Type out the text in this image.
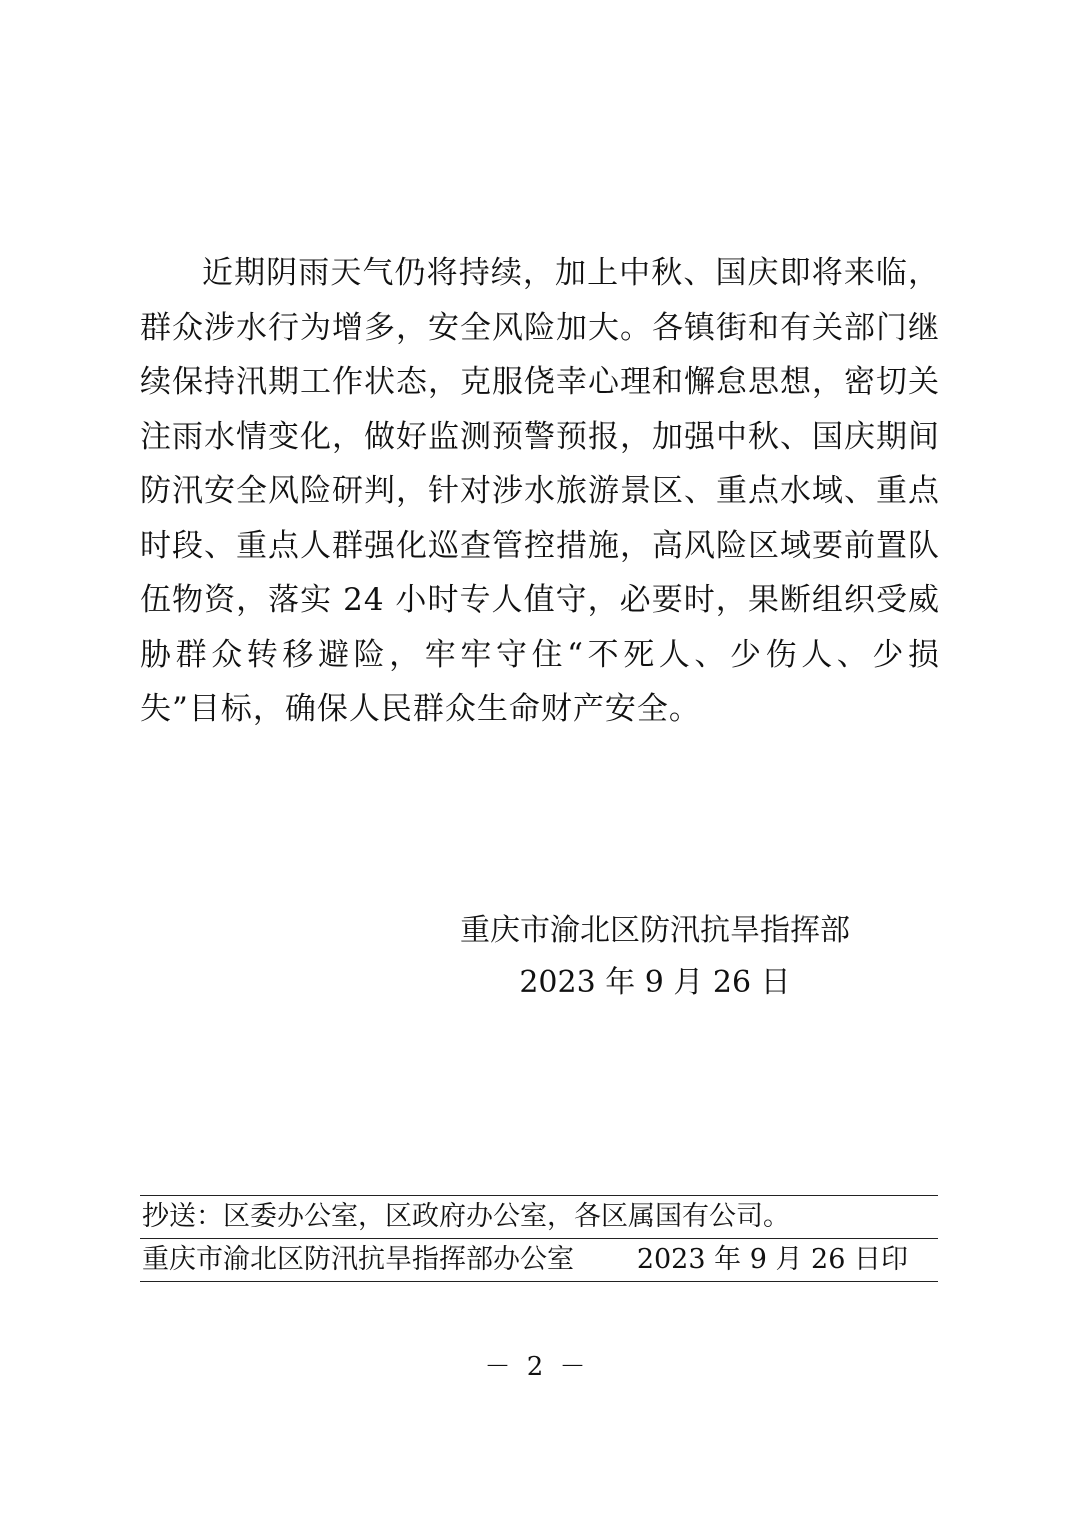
近期阴雨天气仍将持续，加上中秋、国庆即将来临，群众涉水行为增多，安全风险加大。各镇街和有关部门继续保持汛期工作状态，克服侥幸心理和懈怠思想，密切关注雨水情变化，做好监测预警预报，加强中秋、国庆期间防汛安全风险研判，针对涉水旅游景区、重点水域、重点时段、重点人群强化巡查管控措施，高风险区域要前置队伍物资，落实 24 小时专人值守，必要时，果断组织受威胁群众转移避险，牢牢守住“不死人、少伤人、少损失”目标，确保人民群众生命财产安全。

重庆市渝北区防汛抗旱指挥部
2023 年 9 月 26 日
抄送：区委办公室，区政府办公室，各区属国有公司。
重庆市渝北区防汛抗旱指挥部办公室 2023 年 9 月 26 日印
－ 2 －
